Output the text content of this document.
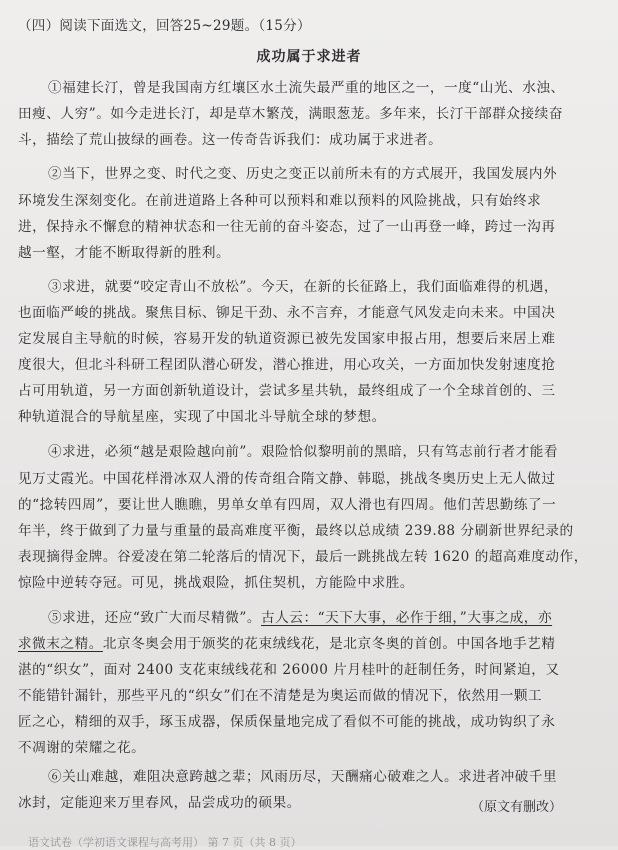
（四）阅读下面选文，回答25~29题。（15分）
成功属于求进者
①福建长汀，曾是我国南方红壤区水土流失最严重的地区之一，一度“山光、水浊、
田瘦、人穷”。如今走进长汀，却是草木繁茂，满眼葱茏。多年来，长汀干部群众接续奋
斗，描绘了荒山披绿的画卷。这一传奇告诉我们：成功属于求进者。
②当下，世界之变、时代之变、历史之变正以前所未有的方式展开，我国发展内外
环境发生深刻变化。在前进道路上各种可以预料和难以预料的风险挑战，只有始终求
进，保持永不懈怠的精神状态和一往无前的奋斗姿态，过了一山再登一峰，跨过一沟再
越一壑，才能不断取得新的胜利。
③求进，就要“咬定青山不放松”。今天，在新的长征路上，我们面临难得的机遇，
也面临严峻的挑战。聚焦目标、铆足干劲、永不言弃，才能意气风发走向未来。中国决
定发展自主导航的时候，容易开发的轨道资源已被先发国家申报占用，想要后来居上难
度很大，但北斗科研工程团队潜心研发，潜心推进，用心攻关，一方面加快发射速度抢
占可用轨道，另一方面创新轨道设计，尝试多星共轨，最终组成了一个全球首创的、三
种轨道混合的导航星座，实现了中国北斗导航全球的梦想。
④求进，必须“越是艰险越向前”。艰险恰似黎明前的黑暗，只有笃志前行者才能看
见万丈霞光。中国花样滑冰双人滑的传奇组合隋文静、韩聪，挑战冬奥历史上无人做过
的“捻转四周”，要让世人瞧瞧，男单女单有四周，双人滑也有四周。他们苦思勤练了一
年半，终于做到了力量与重量的最高难度平衡，最终以总成绩 239.88 分刷新世界纪录的
表现摘得金牌。谷爱凌在第二轮落后的情况下，最后一跳挑战左转 1620 的超高难度动作，
惊险中逆转夺冠。可见，挑战艰险，抓住契机，方能险中求胜。
⑤求进，还应“致广大而尽精微”。古人云：“天下大事，必作于细，”大事之成，亦
求微末之精。北京冬奥会用于颁奖的花束绒线花，是北京冬奥的首创。中国各地手艺精
湛的“织女”，面对 2400 支花束绒线花和 26000 片月桂叶的赶制任务，时间紧迫，又
不能错针漏针，那些平凡的“织女”们在不清楚是为奥运而做的情况下，依然用一颗工
匠之心，精细的双手，琢玉成器，保质保量地完成了看似不可能的挑战，成功钩织了永
不凋谢的荣耀之花。
⑥关山难越，难阻决意跨越之辈；风雨历尽，天酬痛心破难之人。求进者冲破千里
冰封，定能迎来万里春风，品尝成功的硕果。	（原文有删改）
语文试卷（学初语文课程与高考用） 第 7 页（共 8 页）
